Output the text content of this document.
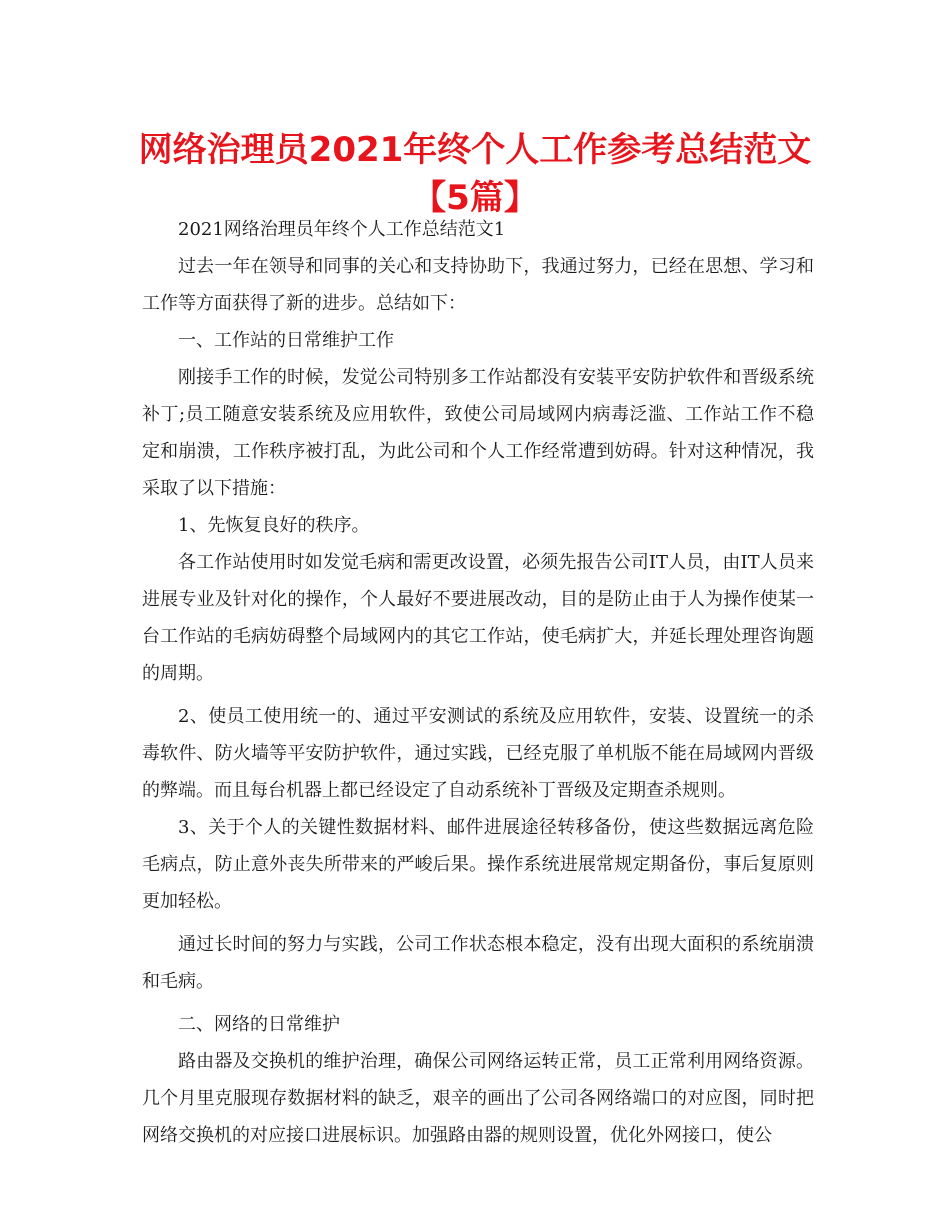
网络治理员2021年终个人工作参考总结范文【5篇】

2021网络治理员年终个人工作总结范文1

过去一年在领导和同事的关心和支持协助下，我通过努力，已经在思想、学习和工作等方面获得了新的进步。总结如下：

一、工作站的日常维护工作

刚接手工作的时候，发觉公司特别多工作站都没有安装平安防护软件和晋级系统补丁;员工随意安装系统及应用软件，致使公司局域网内病毒泛滥、工作站工作不稳定和崩溃，工作秩序被打乱，为此公司和个人工作经常遭到妨碍。针对这种情况，我采取了以下措施：

1、先恢复良好的秩序。

各工作站使用时如发觉毛病和需更改设置，必须先报告公司IT人员，由IT人员来进展专业及针对化的操作，个人最好不要进展改动，目的是防止由于人为操作使某一台工作站的毛病妨碍整个局域网内的其它工作站，使毛病扩大，并延长理处理咨询题的周期。

2、使员工使用统一的、通过平安测试的系统及应用软件，安装、设置统一的杀毒软件、防火墙等平安防护软件，通过实践，已经克服了单机版不能在局域网内晋级的弊端。而且每台机器上都已经设定了自动系统补丁晋级及定期查杀规则。

3、关于个人的关键性数据材料、邮件进展途径转移备份，使这些数据远离危险毛病点，防止意外丧失所带来的严峻后果。操作系统进展常规定期备份，事后复原则更加轻松。

通过长时间的努力与实践，公司工作状态根本稳定，没有出现大面积的系统崩溃和毛病。

二、网络的日常维护

路由器及交换机的维护治理，确保公司网络运转正常，员工正常利用网络资源。几个月里克服现存数据材料的缺乏，艰辛的画出了公司各网络端口的对应图，同时把网络交换机的对应接口进展标识。加强路由器的规则设置，优化外网接口，使公
